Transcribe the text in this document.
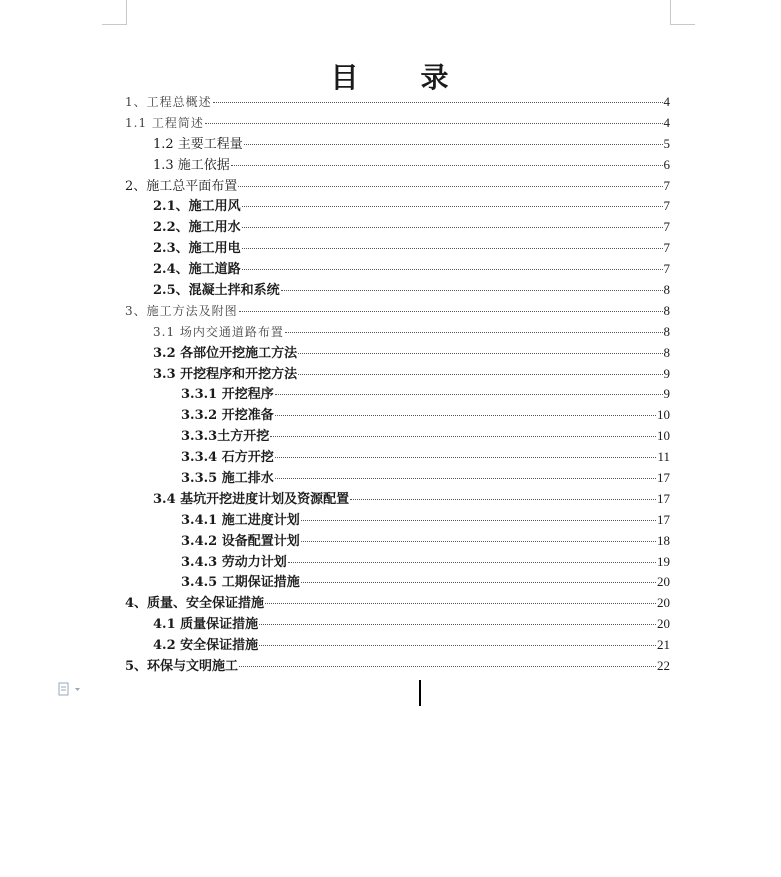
目 录
1、工程总概述	4
1.1 工程简述	4
1.2 主要工程量	5
1.3 施工依据	6
2、施工总平面布置	7
2.1、施工用风	7
2.2、施工用水	7
2.3、施工用电	7
2.4、施工道路	7
2.5、混凝土拌和系统	8
3、施工方法及附图	8
3.1 场内交通道路布置	8
3.2 各部位开挖施工方法	8
3.3 开挖程序和开挖方法	9
3.3.1 开挖程序	9
3.3.2 开挖准备	10
3.3.3土方开挖	10
3.3.4 石方开挖	11
3.3.5 施工排水	17
3.4 基坑开挖进度计划及资源配置	17
3.4.1 施工进度计划	17
3.4.2 设备配置计划	18
3.4.3 劳动力计划	19
3.4.5 工期保证措施	20
4、质量、安全保证措施	20
4.1 质量保证措施	20
4.2 安全保证措施	21
5、环保与文明施工	22
